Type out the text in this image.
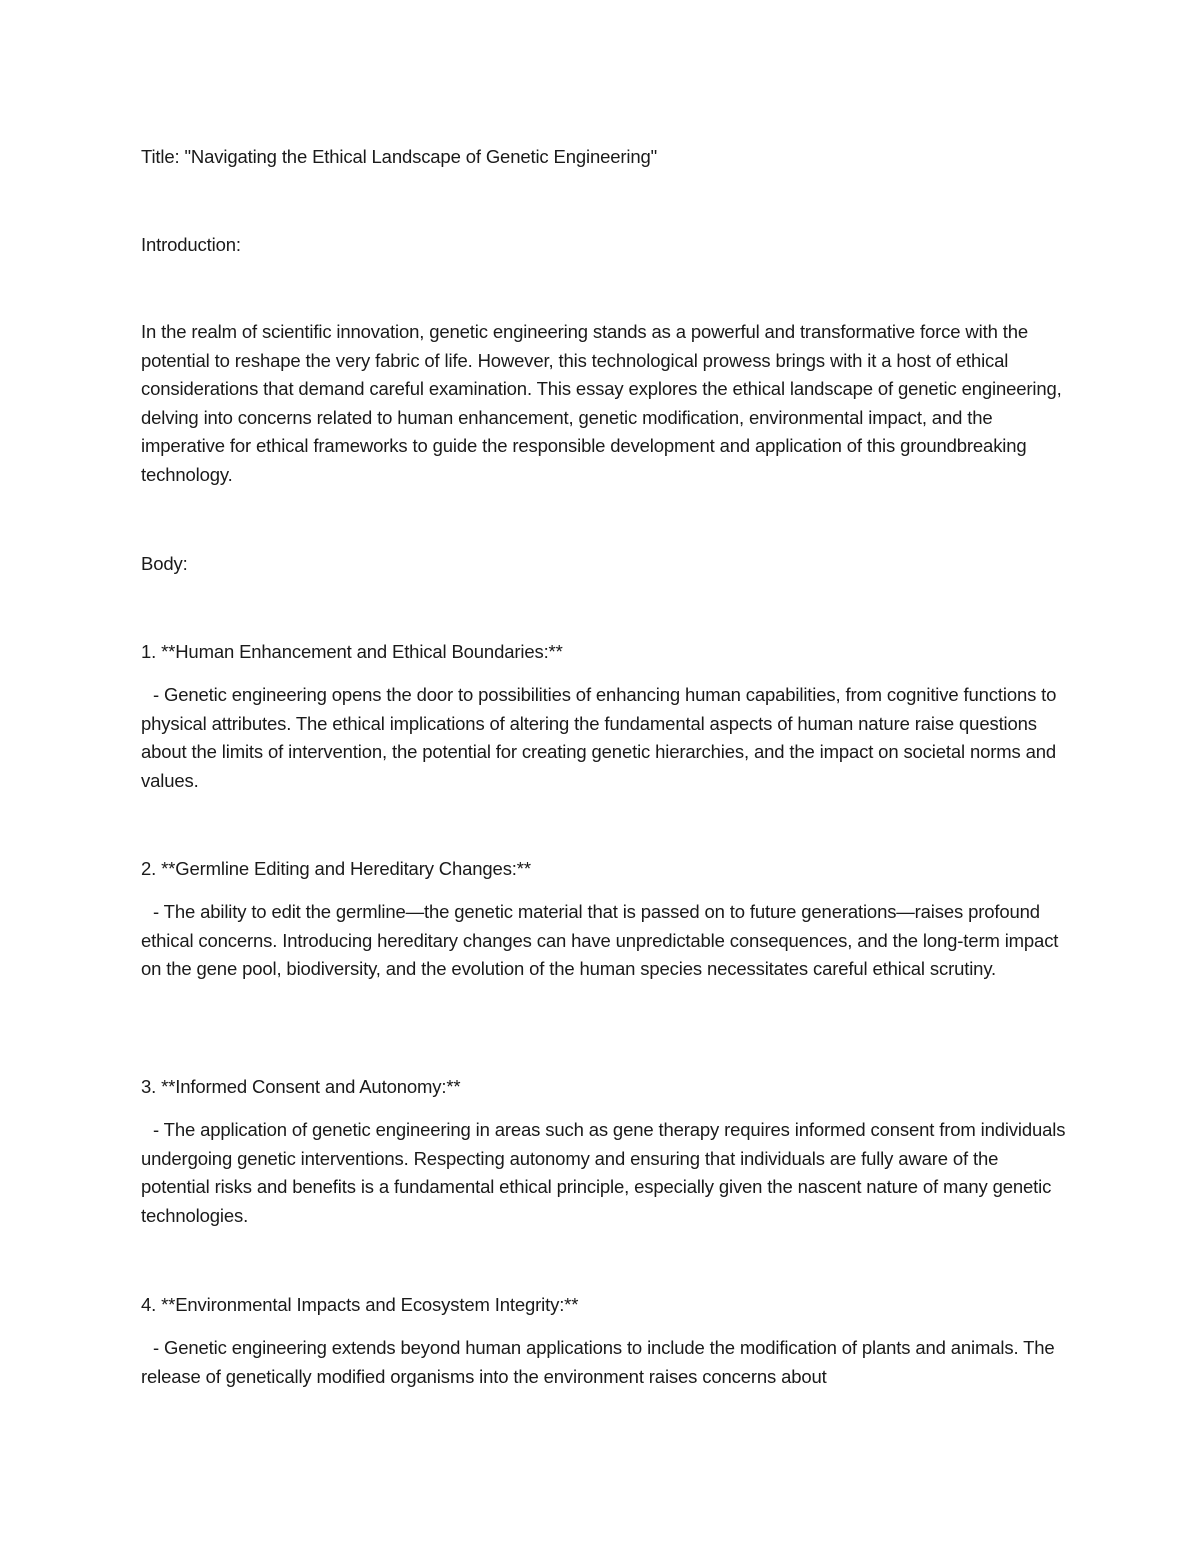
Title: "Navigating the Ethical Landscape of Genetic Engineering"
Introduction:
In the realm of scientific innovation, genetic engineering stands as a powerful and transformative force with the potential to reshape the very fabric of life. However, this technological prowess brings with it a host of ethical considerations that demand careful examination. This essay explores the ethical landscape of genetic engineering, delving into concerns related to human enhancement, genetic modification, environmental impact, and the imperative for ethical frameworks to guide the responsible development and application of this groundbreaking technology.
Body:
1. **Human Enhancement and Ethical Boundaries:**
- Genetic engineering opens the door to possibilities of enhancing human capabilities, from cognitive functions to physical attributes. The ethical implications of altering the fundamental aspects of human nature raise questions about the limits of intervention, the potential for creating genetic hierarchies, and the impact on societal norms and values.
2. **Germline Editing and Hereditary Changes:**
- The ability to edit the germline—the genetic material that is passed on to future generations—raises profound ethical concerns. Introducing hereditary changes can have unpredictable consequences, and the long-term impact on the gene pool, biodiversity, and the evolution of the human species necessitates careful ethical scrutiny.
3. **Informed Consent and Autonomy:**
- The application of genetic engineering in areas such as gene therapy requires informed consent from individuals undergoing genetic interventions. Respecting autonomy and ensuring that individuals are fully aware of the potential risks and benefits is a fundamental ethical principle, especially given the nascent nature of many genetic technologies.
4. **Environmental Impacts and Ecosystem Integrity:**
- Genetic engineering extends beyond human applications to include the modification of plants and animals. The release of genetically modified organisms into the environment raises concerns about
